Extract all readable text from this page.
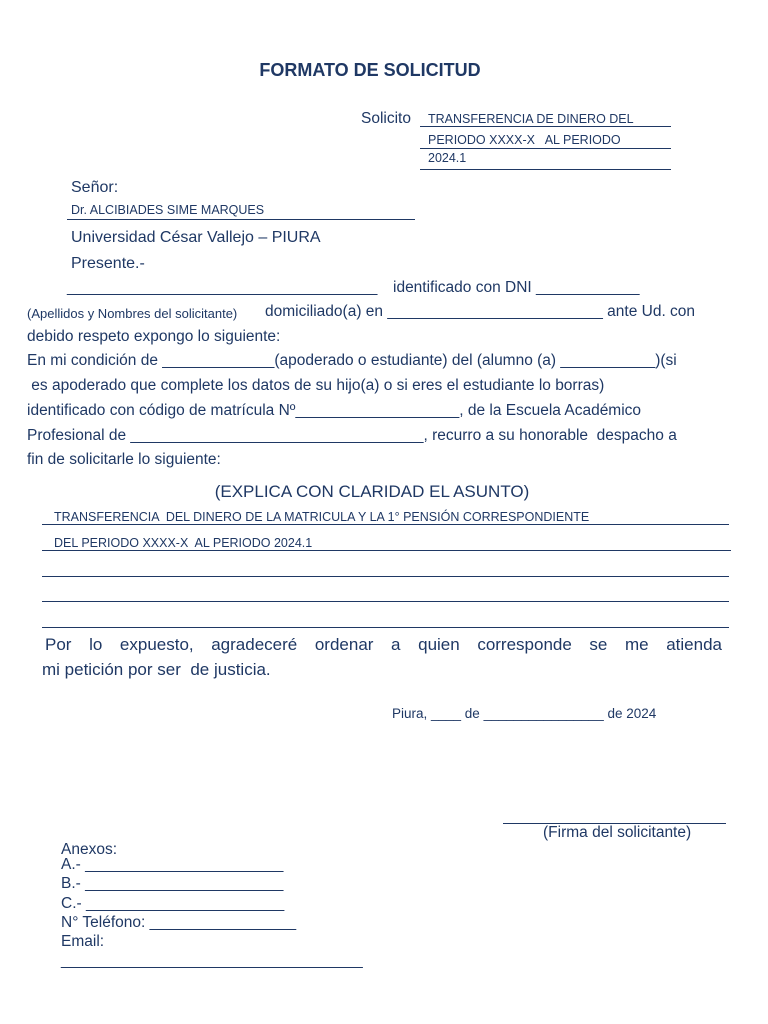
FORMATO DE SOLICITUD
Solicito TRANSFERENCIA DE DINERO DEL
PERIODO XXXX-X   AL PERIODO
2024.1
Señor:
Dr. ALCIBIADES SIME MARQUES
Universidad César Vallejo – PIURA
Presente.-
____________________________________ identificado con DNI ____________
(Apellidos y Nombres del solicitante) domiciliado(a) en _________________________ ante Ud. con
debido respeto expongo lo siguiente:
En mi condición de _____________(apoderado o estudiante) del (alumno (a) ___________)(si
es apoderado que complete los datos de su hijo(a) o si eres el estudiante lo borras)
identificado con código de matrícula Nº___________________, de la Escuela Académico
Profesional de __________________________________, recurro a su honorable  despacho a
fin de solicitarle lo siguiente:
(EXPLICA CON CLARIDAD EL ASUNTO)
TRANSFERENCIA  DEL DINERO DE LA MATRICULA Y LA 1° PENSIÓN CORRESPONDIENTE
DEL PERIODO XXXX-X  AL PERIODO 2024.1
Por lo expuesto, agradeceré ordenar a quien corresponde se me atienda
mi petición por ser  de justicia.
Piura, ____ de ________________ de 2024
(Firma del solicitante)
Anexos:
A.- _______________________
B.- _______________________
C.- _______________________
N° Teléfono: _________________
Email:
___________________________________
